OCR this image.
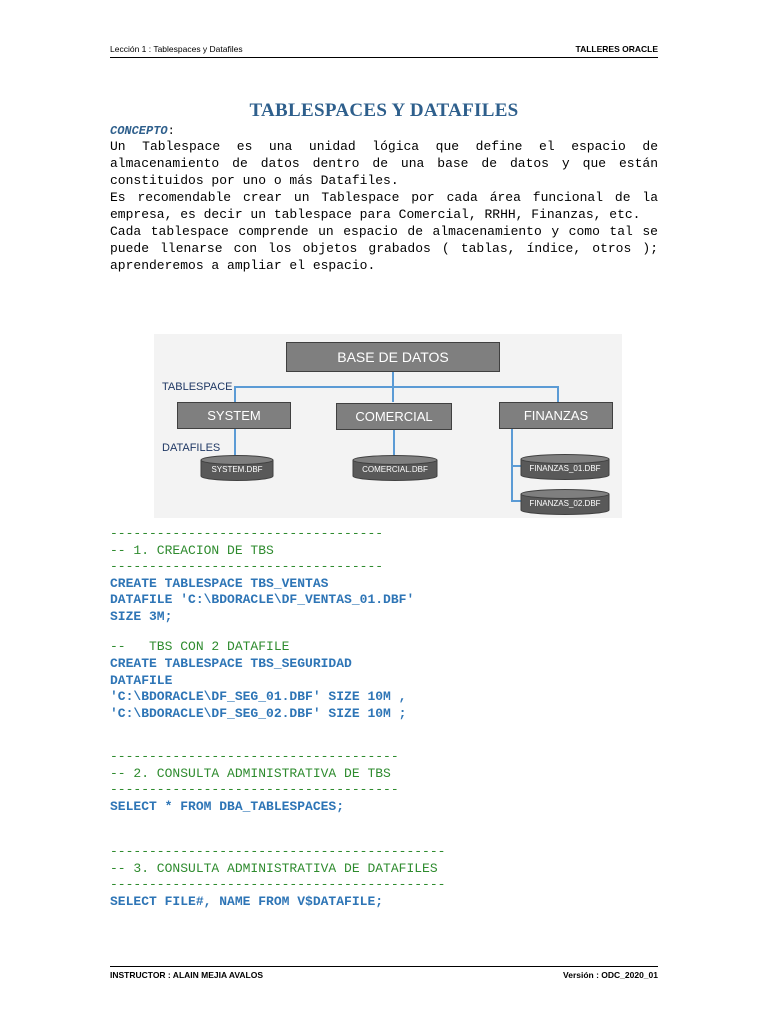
Lección 1 : Tablespaces y Datafiles	TALLERES ORACLE
TABLESPACES Y DATAFILES
CONCEPTO:

Un Tablespace es una unidad lógica que define el espacio de almacenamiento de datos dentro de una base de datos y que están constituidos por uno o más Datafiles.

Es recomendable crear un Tablespace por cada área funcional de la empresa, es decir un tablespace para Comercial, RRHH, Finanzas, etc.

Cada tablespace comprende un espacio de almacenamiento y como tal se puede llenarse con los objetos grabados ( tablas, índice, otros ); aprenderemos a ampliar el espacio.

BASE DE DATOS
TABLESPACE
SYSTEM	COMERCIAL	FINANZAS
DATAFILES
SYSTEM.DBF	COMERCIAL.DBF	FINANZAS_01.DBF
FINANZAS_02.DBF
-----------------------------------
-- 1. CREACION DE TBS
-----------------------------------
CREATE TABLESPACE TBS_VENTAS
DATAFILE 'C:\BDORACLE\DF_VENTAS_01.DBF'
SIZE 3M;
--   TBS CON 2 DATAFILE
CREATE TABLESPACE TBS_SEGURIDAD
DATAFILE
'C:\BDORACLE\DF_SEG_01.DBF' SIZE 10M ,
'C:\BDORACLE\DF_SEG_02.DBF' SIZE 10M ;
-------------------------------------
-- 2. CONSULTA ADMINISTRATIVA DE TBS
-------------------------------------
SELECT * FROM DBA_TABLESPACES;
-------------------------------------------
-- 3. CONSULTA ADMINISTRATIVA DE DATAFILES
-------------------------------------------
SELECT FILE#, NAME FROM V$DATAFILE;
INSTRUCTOR : ALAIN MEJIA AVALOS	Versión : ODC_2020_01
